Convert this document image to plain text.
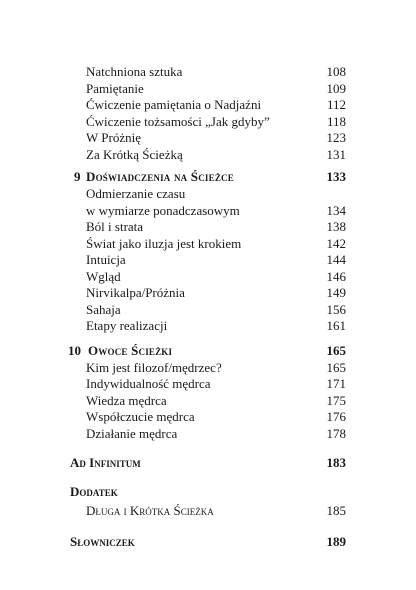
Natchniona sztuka	108
Pamiętanie	109
Ćwiczenie pamiętania o Nadjaźni	112
Ćwiczenie tożsamości „Jak gdyby”	118
W Próżnię	123
Za Krótką Ścieżką	131
9 Doświadczenia na Ścieżce	133
Odmierzanie czasu
w wymiarze ponadczasowym	134
Ból i strata	138
Świat jako iluzja jest krokiem	142
Intuicja	144
Wgląd	146
Nirvikalpa/Próżnia	149
Sahaja	156
Etapy realizacji	161
10 Owoce Ścieżki	165
Kim jest filozof/mędrzec?	165
Indywidualność mędrca	171
Wiedza mędrca	175
Współczucie mędrca	176
Działanie mędrca	178
Ad Infinitum	183
Dodatek
Długa i Krótka Ścieżka	185
Słowniczek	189
